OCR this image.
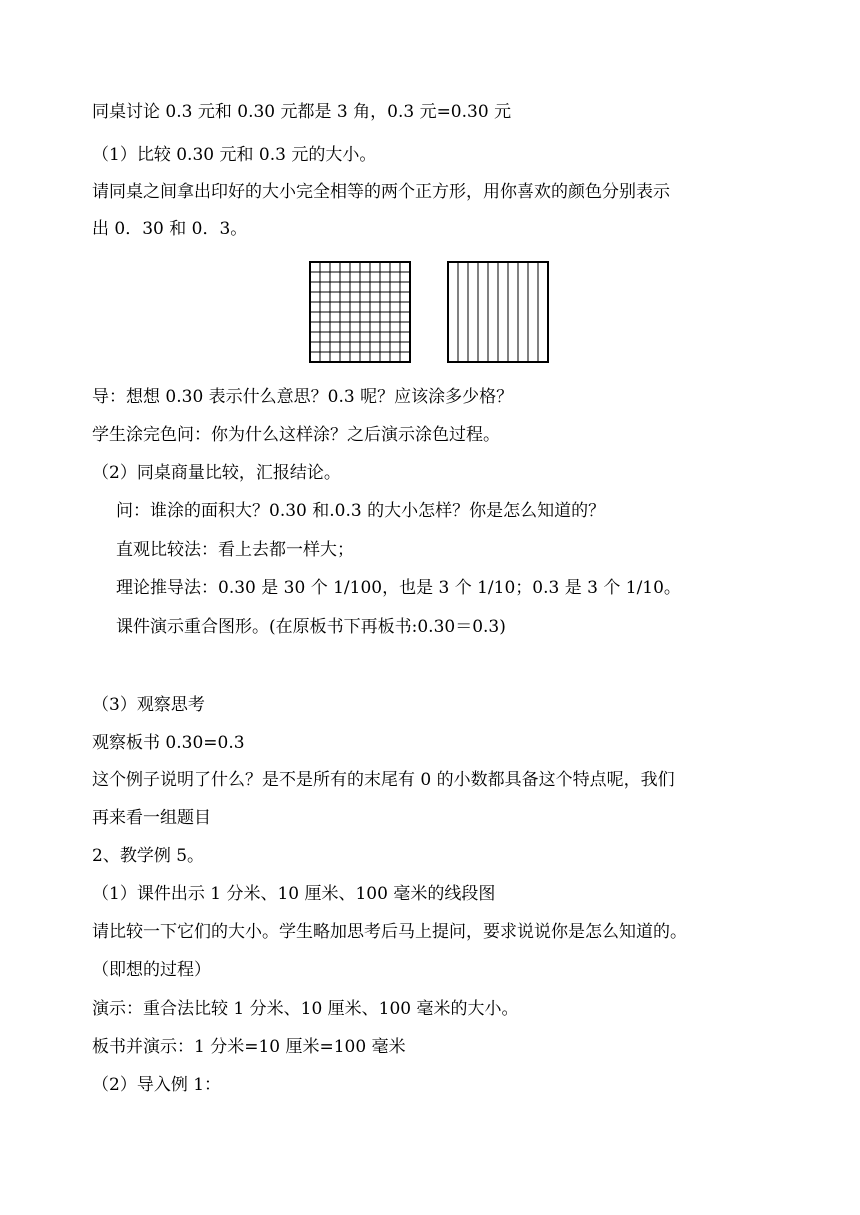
同桌讨论 0.3 元和 0.30 元都是 3 角，0.3 元=0.30 元
（1）比较 0.30 元和 0.3 元的大小。
请同桌之间拿出印好的大小完全相等的两个正方形，用你喜欢的颜色分别表示
出 0．30 和 0．3。
导：想想 0.30 表示什么意思？0.3 呢？应该涂多少格？
学生涂完色问：你为什么这样涂？之后演示涂色过程。
（2）同桌商量比较，汇报结论。
问：谁涂的面积大？0.30 和.0.3 的大小怎样？你是怎么知道的？
直观比较法：看上去都一样大；
理论推导法：0.30 是 30 个 1/100，也是 3 个 1/10；0.3 是 3 个 1/10。
课件演示重合图形。(在原板书下再板书:0.30＝0.3)
（3）观察思考
观察板书 0.30=0.3
这个例子说明了什么？是不是所有的末尾有 0 的小数都具备这个特点呢，我们
再来看一组题目
2、教学例 5。
（1）课件出示 1 分米、10 厘米、100 毫米的线段图
请比较一下它们的大小。学生略加思考后马上提问，要求说说你是怎么知道的。
（即想的过程）
演示：重合法比较 1 分米、10 厘米、100 毫米的大小。
板书并演示：1 分米=10 厘米=100 毫米
（2）导入例 1：
